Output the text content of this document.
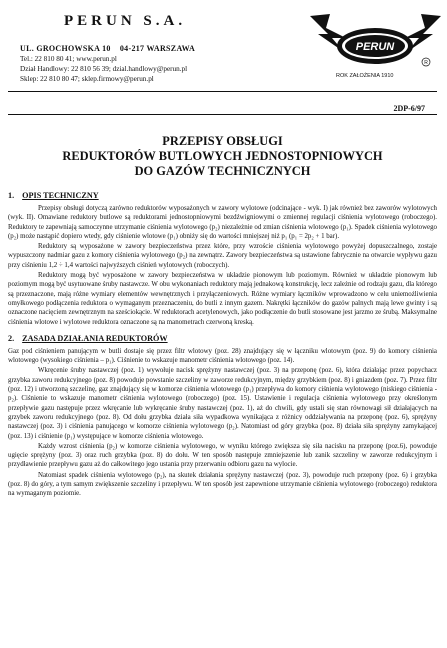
PERUN S.A.
UL. GROCHOWSKA 10 04-217 WARSZAWA
Tel.: 22 810 80 41; www.perun.pl
Dział Handlowy: 22 810 56 39; dzial.handlowy@perun.pl
Sklep: 22 810 80 47; sklep.firmowy@perun.pl
PERUN
R
ROK ZAŁOŻENIA 1910
2DP-6/97
PRZEPISY OBSŁUGI
REDUKTORÓW BUTLOWYCH JEDNOSTOPNIOWYCH
DO GAZÓW TECHNICZNYCH
1. OPIS TECHNICZNY

Przepisy obsługi dotyczą zarówno reduktorów wyposażonych w zawory wylotowe (odcinające - wyk. I) jak również bez zaworów wylotowych (wyk. II). Omawiane reduktory butlowe są reduktorami jednostopniowymi bezdźwigniowymi o zmiennej regulacji ciśnienia wylotowego (roboczego). Reduktory te zapewniają samoczynne utrzymanie ciśnienia wylotowego (p₂) niezależnie od zmian ciśnienia wlotowego (p₁). Spadek ciśnienia wylotowego (p₂) może nastąpić dopiero wtedy, gdy ciśnienie wlotowe (p₁) obniży się do wartości mniejszej niż p₁ (p₁ = 2p₂ + 1 bar).

Reduktory są wyposażone w zawory bezpieczeństwa przez które, przy wzroście ciśnienia wylotowego powyżej dopuszczalnego, zostaje wypuszczony nadmiar gazu z komory ciśnienia wylotowego (p₂) na zewnątrz. Zawory bezpieczeństwa są ustawione fabrycznie na otwarcie wypływu gazu przy ciśnieniu 1,2 ÷ 1,4 wartości najwyższych ciśnień wylotowych (roboczych).

Reduktory mogą być wyposażone w zawory bezpieczeństwa w układzie pionowym lub poziomym. Również w układzie pionowym lub poziomym mogą być usytuowane śruby nastawcze. W obu wykonaniach reduktory mają jednakową konstrukcję, lecz zależnie od rodzaju gazu, dla którego są przeznaczone, mają różne wymiary elementów wewnętrznych i przyłączeniowych. Różne wymiary łączników wprowadzono w celu uniemożliwienia omyłkowego podłączenia reduktora o wymaganym przeznaczeniu, do butli z innym gazem. Nakrętki łączników do gazów palnych mają lewe gwinty i są oznaczone nacięciem zewnętrznym na sześciokącie. W reduktorach acetylenowych, jako podłączenie do butli stosowane jest jarzmo ze śrubą. Maksymalne ciśnienia wlotowe i wylotowe reduktora oznaczone są na manometrach czerwoną kreską.

2. ZASADA DZIAŁANIA REDUKTORÓW

Gaz pod ciśnieniem panującym w butli dostaje się przez filtr wlotowy (poz. 28) znajdujący się w łączniku wlotowym (poz. 9) do komory ciśnienia wlotowego (wysokiego ciśnienia – p₁). Ciśnienie to wskazuje manometr ciśnienia wlotowego (poz. 14).

Wkręcenie śruby nastawczej (poz. 1) wywołuje nacisk sprężyny nastawczej (poz. 3) na przeponę (poz. 6), która działając przez popychacz grzybka zaworu redukcyjnego (poz. 8) powoduje powstanie szczeliny w zaworze redukcyjnym, między grzybkiem (poz. 8) i gniazdem (poz. 7). Przez filtr (poz. 12) i utworzoną szczelinę, gaz znajdujący się w komorze ciśnienia wlotowego (p₁) przepływa do komory ciśnienia wylotowego (niskiego ciśnienia - p₂). Ciśnienie to wskazuje manometr ciśnienia wylotowego (roboczego) (poz. 15). Ustawienie i regulacja ciśnienia wylotowego przy określonym przepływie gazu następuje przez wkręcanie lub wykręcanie śruby nastawczej (poz. 1), aż do chwili, gdy ustali się stan równowagi sił działających na grzybek zaworu redukcyjnego (poz. 8). Od dołu grzybka działa siła wypadkowa wynikająca z różnicy oddziaływania na przeponę (poz. 6), sprężyny nastawczej (poz. 3) i ciśnienia panującego w komorze ciśnienia wylotowego (p₂). Natomiast od góry grzybka (poz. 8) działa siła sprężyny zamykającej (poz. 13) i ciśnienie (p₁) występujące w komorze ciśnienia wlotowego.

Każdy wzrost ciśnienia (p₂) w komorze ciśnienia wylotowego, w wyniku którego zwiększa się siła nacisku na przeponę (poz.6), powoduje ugięcie sprężyny (poz. 3) oraz ruch grzybka (poz. 8) do dołu. W ten sposób następuje zmniejszenie lub zanik szczeliny w zaworze redukcyjnym i przydławienie przepływu gazu aż do całkowitego jego ustania przy przerwaniu odbioru gazu na wylocie.

Natomiast spadek ciśnienia wylotowego (p₂), na skutek działania sprężyny nastawczej (poz. 3), powoduje ruch przepony (poz. 6) i grzybka (poz. 8) do góry, a tym samym zwiększenie szczeliny i przepływu. W ten sposób jest zapewnione utrzymanie ciśnienia wylotowego (roboczego) reduktora na wymaganym poziomie.
